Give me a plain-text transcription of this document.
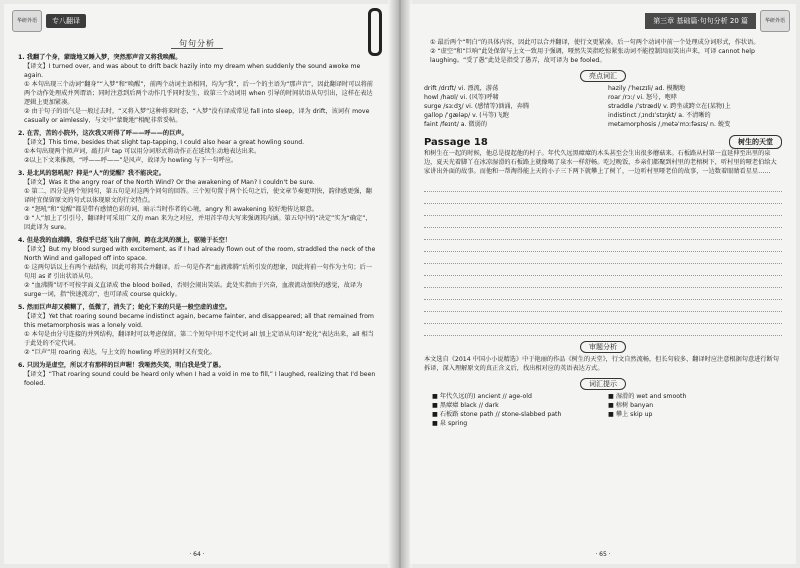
华研外语	专八翻译
句句分析

1. 我翻了个身，蒙眬地又睡入梦，突然那声音又将我唤醒。

【译文】I turned over, and was about to drift back hazily into my dream when suddenly the sound awoke me again.

① 本句出现三个动词“翻身”“入梦”和“唤醒”，前两个动词主语相同，均为“我”，后一个的主语为“那声音”，因此翻译时可以将前两个动作处理成并列谓语；同时注意到后两个动作几乎同时发生，故第三个动词用 when 引导的时间状语从句引出，这样在表达逻辑上更加紧凑。

② 由于句子的语气是一般过去时，“又将入梦”这种将来时态，“入梦”没有译成常见 fall into sleep，译为 drift，该词有 move casually or aimlessly，与文中“蒙眬地”相配非常妥帖。

2. 在苦，苦的小院外，这次我又听得了呼——呼——的巨声。

【译文】This time, besides that slight tap-tapping, I could also hear a great howling sound.

①本句出现两个拟声词，敲打声 tap 可以用分词形式将动作正在延续生动地表达出来。

②以上下文来推测，“呼——呼——”是风声，故译为 howling 与下一句呼应。

3. 是北风的怒吼呢？抑是“人”的觉醒？我不能决定。

【译文】Was it the angry roar of the North Wind? Or the awakening of Man? I couldn't be sure.

① 第二、四分是两个短问句，第五句是对这两个问句的回答。三个短句置于两个长句之后，使文章节奏更明快，韵律感更强，翻译时宜保留原文的句式以体现原文的行文特点。

② “怒吼”和“觉醒”都是带有感情色彩的词，暗示当时作者的心境，angry 和 awakening 较好地传达原意。

③ “人”加上了引引号，翻译时可采用广义的 man 来为之对应，并用首字母大写来强调其内涵。第五句中的“决定”实为“确定”，因此译为 sure。

4. 但是我的血沸腾，我似乎已经飞出了房间，跨在北风的颈上，驱驰于长空！

【译文】But my blood surged with excitement, as if I had already flown out of the room, straddled the neck of the North Wind and galloped off into space.

① 这两句话以上有两个表结构，因此可将其合并翻译。后一句是作者“血液沸腾”后所引发的想象，因此将前一句作为主句；后一句用 as if 引出状语从句。

② “血沸腾”切不可按字面义直译成 the blood boiled，否则会闹出笑话。此处实指由于兴奋，血液流动加快的感觉，故译为 surge一词，指“快速流动”，也可译成 course quickly。

5. 然而巨声却又模糊了，低微了，消失了；蛇化下来的只是一般空虚的虚空。

【译文】Yet that roaring sound became indistinct again, became fainter, and disappeared; all that remained from this metamorphosis was a lonely void.

① 本句是由分号连接的并列结构，翻译时可以考虑保留。第二个短句中用不定代词 all 加上定语从句译“蛇化”表达出来，all 相当于此处的不定代词。

② “巨声”用 roaring 表达，与上文的 howling 呼应的同时又有变化。

6. 只因为是虚空，所以才有那样的巨声喔！我哑然失笑，明白我是受了愚。

【译文】“That roaring sound could be heard only when I had a void in me to fill,” I laughed, realizing that I'd been fooled.

· 64 ·
第三章 基础篇·句句分析 20 篇	华研外语

① 最后两个“明白”的具体内容，因此可以合并翻译，使行文更紧凑。后一句两个动词中前一个处理成分词形式，作状语。

② “虚空”和“巨响”此处保留与上文一致用于强调，哑然失笑指吃惊紧张动词不能控制因而笑出声来，可译 cannot help laughing。“受了愚”此处是指受了愚弄，故可译为 be fooled。

亮点词汇

drift /drɪft/ vi. 漂流，游荡

howl /haʊl/ vi. (风等)呼啸

surge /sɜːdʒ/ vi. (感情等)汹涌，奔腾

gallop /ˈɡæləp/ v. (马等)飞跑

faint /feɪnt/ a. 微弱的

hazily /ˈheɪzɪli/ ad. 模糊地

roar /rɔː/ vi. 怒号，咆哮

straddle /ˈstrædl/ v. 跨坐或跨立在(某物)上

indistinct /ˌɪndɪˈstɪŋkt/ a. 不清晰的

metamorphosis /ˌmetəˈmɔːfəsɪs/ n. 蜕变

Passage 18	树生的天堂
和树生在一起的时候，他总是提起他的村子。年代久远黑瘴瘴的木头甚至会生出很多蘑菇来。石板路从村第一直延伸至出里的泉边，夏天光着脚丫在冰凉湿滑的石板路上就像喝了泉水一样舒畅。吃过晚饭，乡亲们都聚到村里的老榕树下，听村里的哑老伯给大家讲出外面的故事。而他和一帮淘得能上天的小子三下两下就攀上了树丫，一边听村里哑老伯的故事，一边数着眼睛看星星……
审题分析
本文选自《2014 中国小小说精选》中于艳丽的作品《树生的天堂》，行文自然流畅，但长句较多，翻译时应注意根据句意进行断句拆译，深入理解原文的真正含义后，找出相对应的英语表达方式。
词汇提示

■ 年代久远(的) ancient // age-old

■ 黑瘴瘴 black // dark

■ 石板路 stone path // stone-slabbed path

■ 泉 spring

■ 湿滑的 wet and smooth

■ 榕树 banyan

■ 攀上 skip up

· 65 ·
